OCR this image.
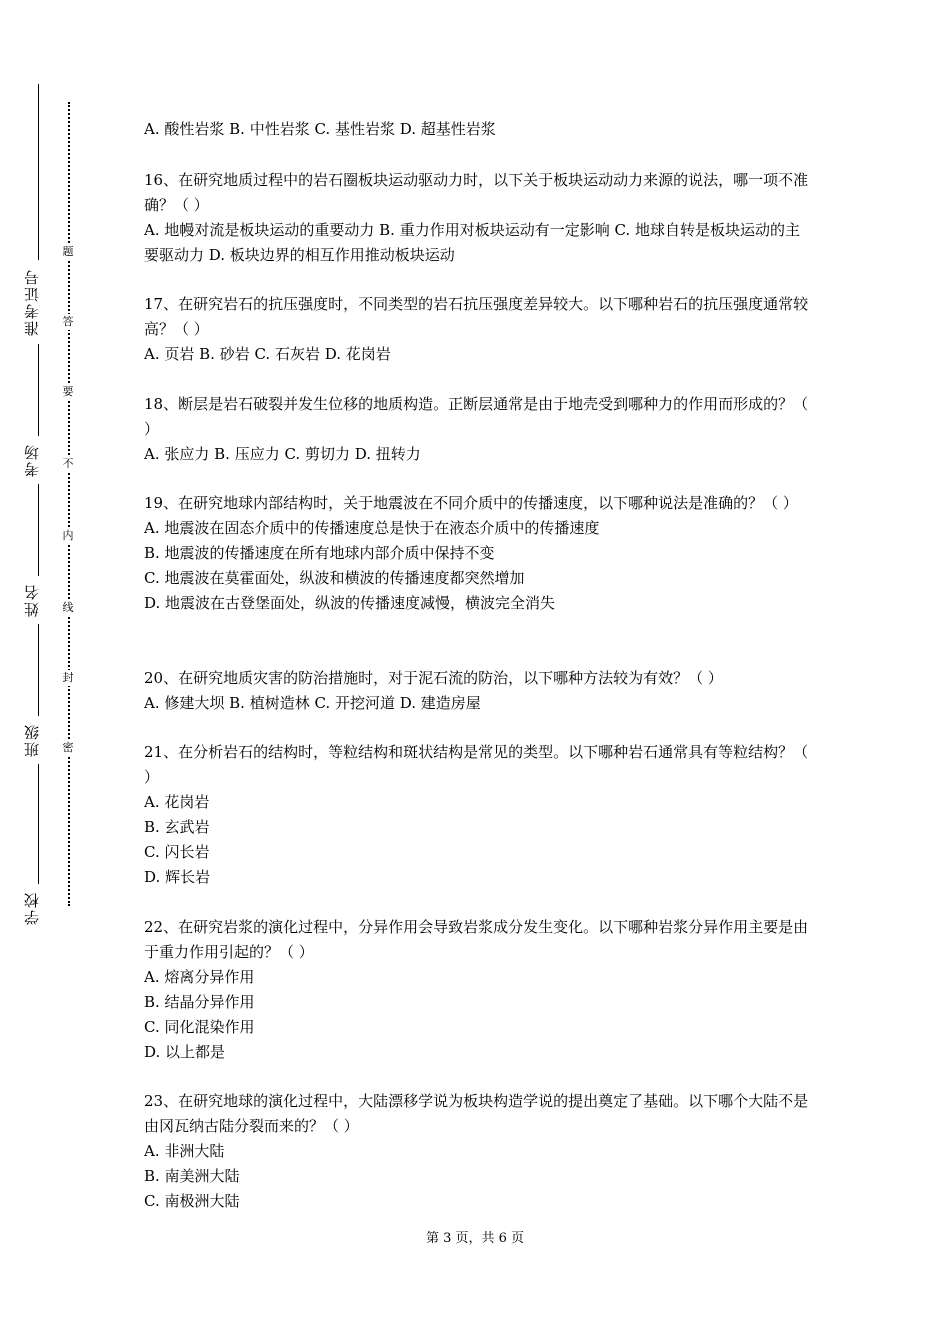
准考证号
考场
姓名
班级
学校
题
答
要
不
内
线
封
密

A. 酸性岩浆 B. 中性岩浆 C. 基性岩浆 D. 超基性岩浆

16、在研究地质过程中的岩石圈板块运动驱动力时，以下关于板块运动动力来源的说法，哪一项不准确？（ ）

A. 地幔对流是板块运动的重要动力 B. 重力作用对板块运动有一定影响 C. 地球自转是板块运动的主要驱动力 D. 板块边界的相互作用推动板块运动

17、在研究岩石的抗压强度时，不同类型的岩石抗压强度差异较大。以下哪种岩石的抗压强度通常较高？（ ）

A. 页岩 B. 砂岩 C. 石灰岩 D. 花岗岩

18、断层是岩石破裂并发生位移的地质构造。正断层通常是由于地壳受到哪种力的作用而形成的？（ ）

A. 张应力 B. 压应力 C. 剪切力 D. 扭转力

19、在研究地球内部结构时，关于地震波在不同介质中的传播速度，以下哪种说法是准确的？（ ）

A. 地震波在固态介质中的传播速度总是快于在液态介质中的传播速度

B. 地震波的传播速度在所有地球内部介质中保持不变

C. 地震波在莫霍面处，纵波和横波的传播速度都突然增加

D. 地震波在古登堡面处，纵波的传播速度减慢，横波完全消失

20、在研究地质灾害的防治措施时，对于泥石流的防治，以下哪种方法较为有效？（ ）

A. 修建大坝 B. 植树造林 C. 开挖河道 D. 建造房屋

21、在分析岩石的结构时，等粒结构和斑状结构是常见的类型。以下哪种岩石通常具有等粒结构？（ ）

A. 花岗岩

B. 玄武岩

C. 闪长岩

D. 辉长岩

22、在研究岩浆的演化过程中，分异作用会导致岩浆成分发生变化。以下哪种岩浆分异作用主要是由于重力作用引起的？（ ）

A. 熔离分异作用

B. 结晶分异作用

C. 同化混染作用

D. 以上都是

23、在研究地球的演化过程中，大陆漂移学说为板块构造学说的提出奠定了基础。以下哪个大陆不是由冈瓦纳古陆分裂而来的？（ ）

A. 非洲大陆

B. 南美洲大陆

C. 南极洲大陆

第 3 页，共 6 页
